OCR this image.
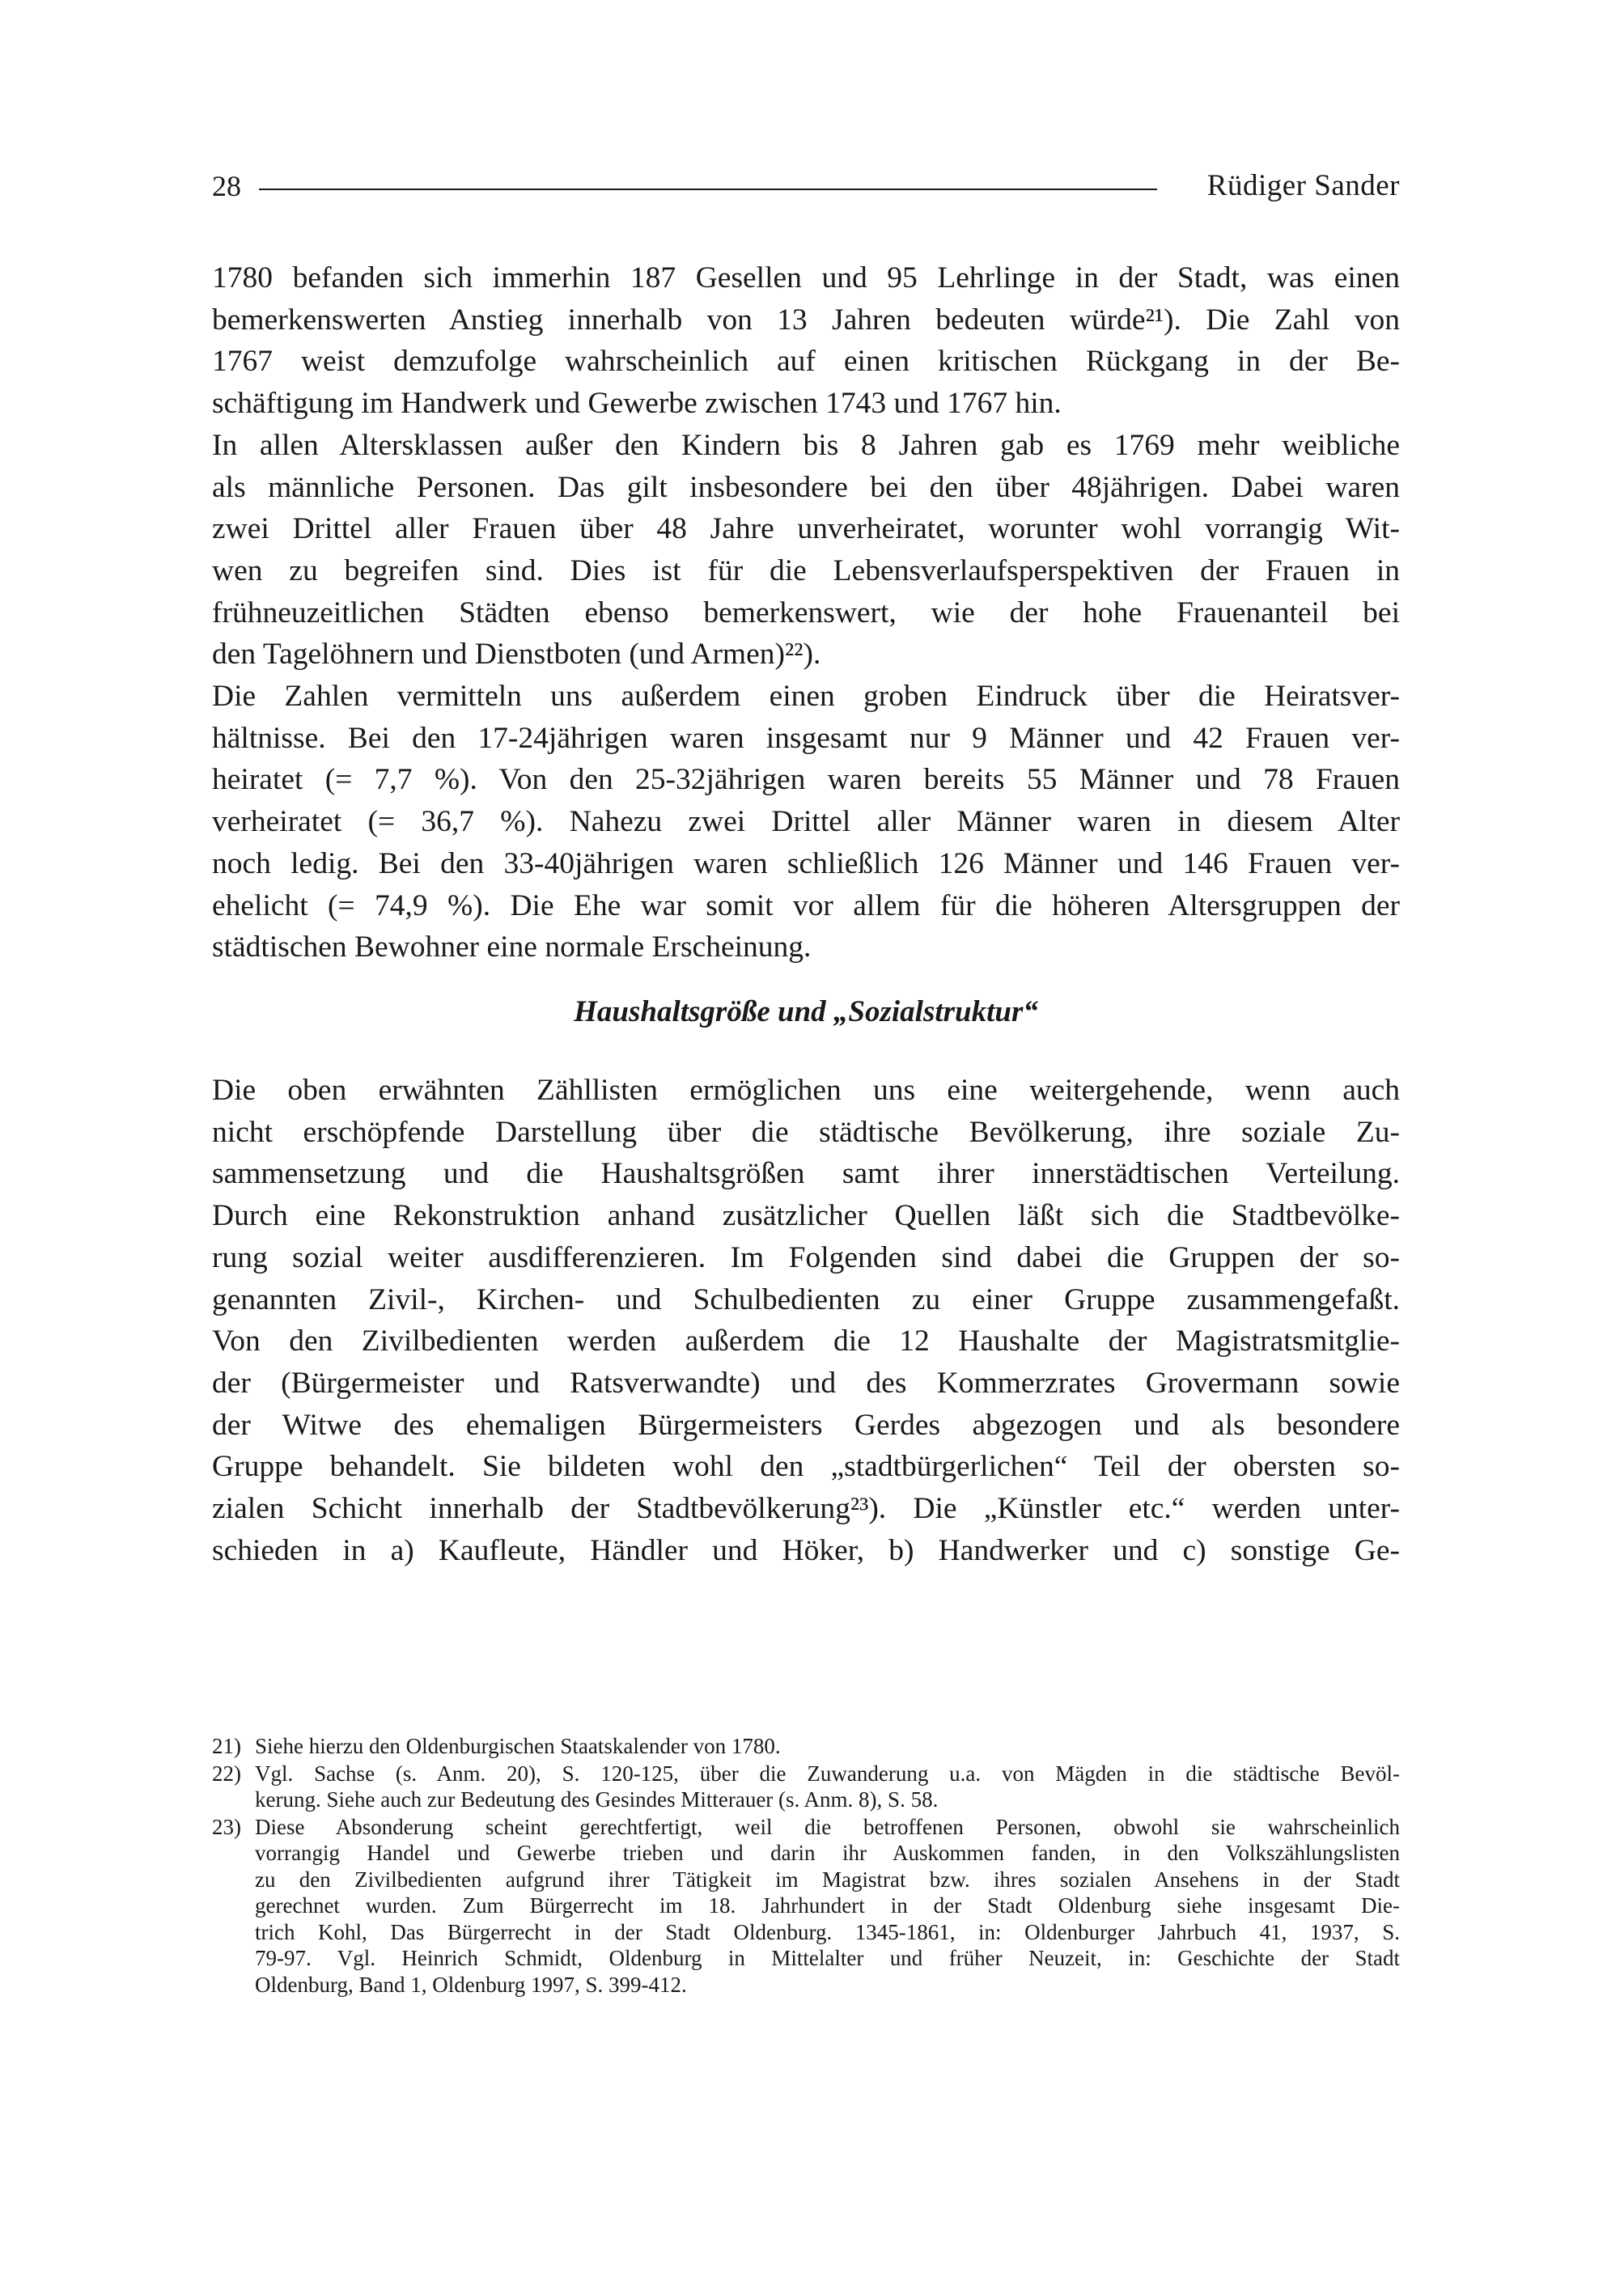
28	Rüdiger Sander
1780 befanden sich immerhin 187 Gesellen und 95 Lehrlinge in der Stadt, was einen
bemerkenswerten Anstieg innerhalb von 13 Jahren bedeuten würde²¹). Die Zahl von
1767 weist demzufolge wahrscheinlich auf einen kritischen Rückgang in der Be-
schäftigung im Handwerk und Gewerbe zwischen 1743 und 1767 hin.
In allen Altersklassen außer den Kindern bis 8 Jahren gab es 1769 mehr weibliche
als männliche Personen. Das gilt insbesondere bei den über 48jährigen. Dabei waren
zwei Drittel aller Frauen über 48 Jahre unverheiratet, worunter wohl vorrangig Wit-
wen zu begreifen sind. Dies ist für die Lebensverlaufsperspektiven der Frauen in
frühneuzeitlichen Städten ebenso bemerkenswert, wie der hohe Frauenanteil bei
den Tagelöhnern und Dienstboten (und Armen)²²).
Die Zahlen vermitteln uns außerdem einen groben Eindruck über die Heiratsver-
hältnisse. Bei den 17-24jährigen waren insgesamt nur 9 Männer und 42 Frauen ver-
heiratet (= 7,7 %). Von den 25-32jährigen waren bereits 55 Männer und 78 Frauen
verheiratet (= 36,7 %). Nahezu zwei Drittel aller Männer waren in diesem Alter
noch ledig. Bei den 33-40jährigen waren schließlich 126 Männer und 146 Frauen ver-
ehelicht (= 74,9 %). Die Ehe war somit vor allem für die höheren Altersgruppen der
städtischen Bewohner eine normale Erscheinung.
Haushaltsgröße und „Sozialstruktur“
Die oben erwähnten Zähllisten ermöglichen uns eine weitergehende, wenn auch
nicht erschöpfende Darstellung über die städtische Bevölkerung, ihre soziale Zu-
sammensetzung und die Haushaltsgrößen samt ihrer innerstädtischen Verteilung.
Durch eine Rekonstruktion anhand zusätzlicher Quellen läßt sich die Stadtbevölke-
rung sozial weiter ausdifferenzieren. Im Folgenden sind dabei die Gruppen der so-
genannten Zivil-, Kirchen- und Schulbedienten zu einer Gruppe zusammengefaßt.
Von den Zivilbedienten werden außerdem die 12 Haushalte der Magistratsmitglie-
der (Bürgermeister und Ratsverwandte) und des Kommerzrates Grovermann sowie
der Witwe des ehemaligen Bürgermeisters Gerdes abgezogen und als besondere
Gruppe behandelt. Sie bildeten wohl den „stadtbürgerlichen“ Teil der obersten so-
zialen Schicht innerhalb der Stadtbevölkerung²³). Die „Künstler etc.“ werden unter-
schieden in a) Kaufleute, Händler und Höker, b) Handwerker und c) sonstige Ge-
21) Siehe hierzu den Oldenburgischen Staatskalender von 1780.
22) Vgl. Sachse (s. Anm. 20), S. 120-125, über die Zuwanderung u.a. von Mägden in die städtische Bevöl-
kerung. Siehe auch zur Bedeutung des Gesindes Mitterauer (s. Anm. 8), S. 58.
23) Diese Absonderung scheint gerechtfertigt, weil die betroffenen Personen, obwohl sie wahrscheinlich
vorrangig Handel und Gewerbe trieben und darin ihr Auskommen fanden, in den Volkszählungslisten
zu den Zivilbedienten aufgrund ihrer Tätigkeit im Magistrat bzw. ihres sozialen Ansehens in der Stadt
gerechnet wurden. Zum Bürgerrecht im 18. Jahrhundert in der Stadt Oldenburg siehe insgesamt Die-
trich Kohl, Das Bürgerrecht in der Stadt Oldenburg. 1345-1861, in: Oldenburger Jahrbuch 41, 1937, S.
79-97. Vgl. Heinrich Schmidt, Oldenburg in Mittelalter und früher Neuzeit, in: Geschichte der Stadt
Oldenburg, Band 1, Oldenburg 1997, S. 399-412.
